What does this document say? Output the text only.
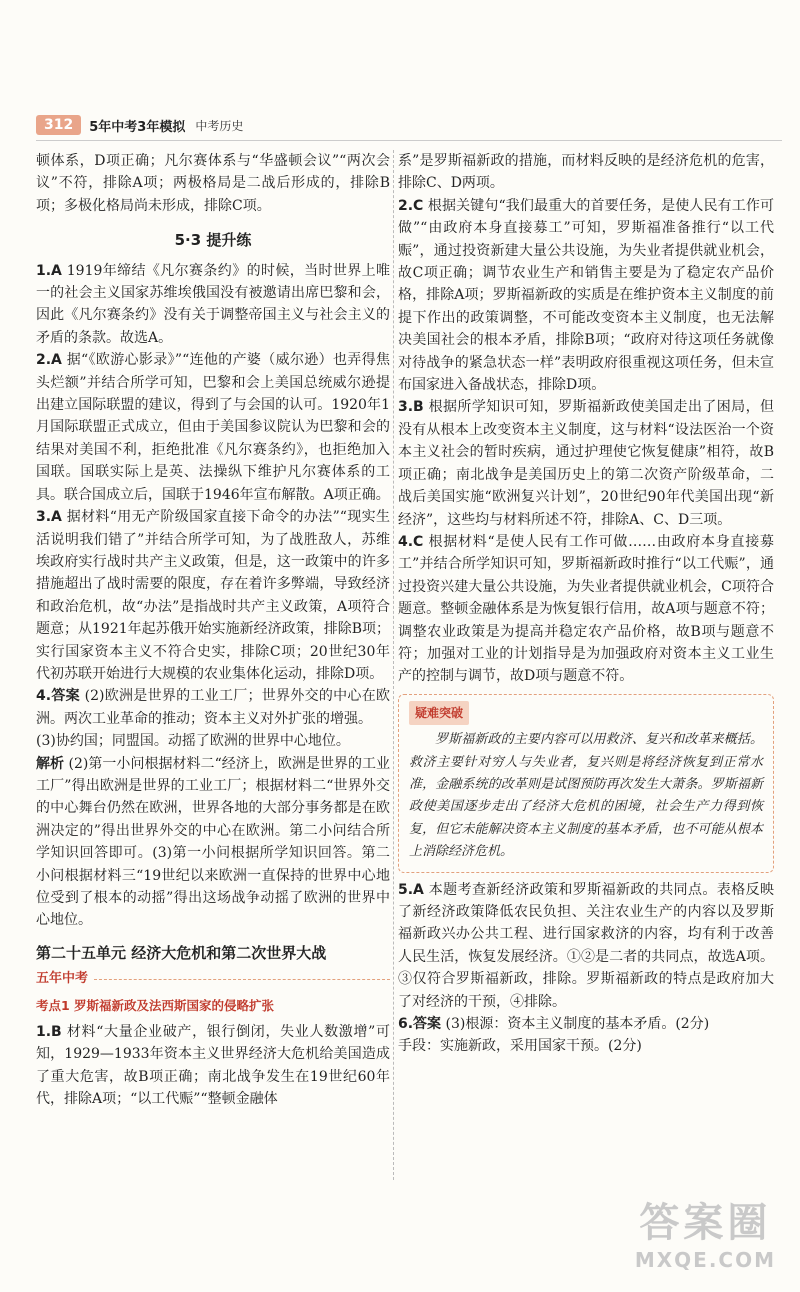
312	5年中考3年模拟 中考历史

顿体系，D项正确；凡尔赛体系与“华盛顿会议”“两次会议”不符，排除A项；两极格局是二战后形成的，排除B项；多极化格局尚未形成，排除C项。

5·3 提升练

1.A 1919年缔结《凡尔赛条约》的时候，当时世界上唯一的社会主义国家苏维埃俄国没有被邀请出席巴黎和会，因此《凡尔赛条约》没有关于调整帝国主义与社会主义的矛盾的条款。故选A。

2.A 据“《欧游心影录》”“连他的产婆（威尔逊）也弄得焦头烂额”并结合所学可知，巴黎和会上美国总统威尔逊提出建立国际联盟的建议，得到了与会国的认可。1920年1月国际联盟正式成立，但由于美国参议院认为巴黎和会的结果对美国不利，拒绝批准《凡尔赛条约》，也拒绝加入国联。国联实际上是英、法操纵下维护凡尔赛体系的工具。联合国成立后，国联于1946年宣布解散。A项正确。

3.A 据材料“用无产阶级国家直接下命令的办法”“现实生活说明我们错了”并结合所学可知，为了战胜敌人，苏维埃政府实行战时共产主义政策，但是，这一政策中的许多措施超出了战时需要的限度，存在着许多弊端，导致经济和政治危机，故“办法”是指战时共产主义政策，A项符合题意；从1921年起苏俄开始实施新经济政策，排除B项；实行国家资本主义不符合史实，排除C项；20世纪30年代初苏联开始进行大规模的农业集体化运动，排除D项。

4.答案 (2)欧洲是世界的工业工厂；世界外交的中心在欧洲。两次工业革命的推动；资本主义对外扩张的增强。

(3)协约国；同盟国。动摇了欧洲的世界中心地位。

解析 (2)第一小问根据材料二“经济上，欧洲是世界的工业工厂”得出欧洲是世界的工业工厂；根据材料二“世界外交的中心舞台仍然在欧洲，世界各地的大部分事务都是在欧洲决定的”得出世界外交的中心在欧洲。第二小问结合所学知识回答即可。(3)第一小问根据所学知识回答。第二小问根据材料三“19世纪以来欧洲一直保持的世界中心地位受到了根本的动摇”得出这场战争动摇了欧洲的世界中心地位。

第二十五单元 经济大危机和第二次世界大战
五年中考
考点1 罗斯福新政及法西斯国家的侵略扩张

1.B 材料“大量企业破产，银行倒闭，失业人数激增”可知，1929—1933年资本主义世界经济大危机给美国造成了重大危害，故B项正确；南北战争发生在19世纪60年代，排除A项；“以工代赈”“整顿金融体

系”是罗斯福新政的措施，而材料反映的是经济危机的危害，排除C、D两项。

2.C 根据关键句“我们最重大的首要任务，是使人民有工作可做”“由政府本身直接募工”可知，罗斯福准备推行“以工代赈”，通过投资新建大量公共设施，为失业者提供就业机会，故C项正确；调节农业生产和销售主要是为了稳定农产品价格，排除A项；罗斯福新政的实质是在维护资本主义制度的前提下作出的政策调整，不可能改变资本主义制度，也无法解决美国社会的根本矛盾，排除B项；“政府对待这项任务就像对待战争的紧急状态一样”表明政府很重视这项任务，但未宣布国家进入备战状态，排除D项。

3.B 根据所学知识可知，罗斯福新政使美国走出了困局，但没有从根本上改变资本主义制度，这与材料“设法医治一个资本主义社会的暂时疾病，通过护理使它恢复健康”相符，故B项正确；南北战争是美国历史上的第二次资产阶级革命，二战后美国实施“欧洲复兴计划”，20世纪90年代美国出现“新经济”，这些均与材料所述不符，排除A、C、D三项。

4.C 根据材料“是使人民有工作可做……由政府本身直接募工”并结合所学知识可知，罗斯福新政时推行“以工代赈”，通过投资兴建大量公共设施，为失业者提供就业机会，C项符合题意。整顿金融体系是为恢复银行信用，故A项与题意不符；调整农业政策是为提高并稳定农产品价格，故B项与题意不符；加强对工业的计划指导是为加强政府对资本主义工业生产的控制与调节，故D项与题意不符。

疑难突破

罗斯福新政的主要内容可以用救济、复兴和改革来概括。救济主要针对穷人与失业者，复兴则是将经济恢复到正常水准，金融系统的改革则是试图预防再次发生大萧条。罗斯福新政使美国逐步走出了经济大危机的困境，社会生产力得到恢复，但它未能解决资本主义制度的基本矛盾，也不可能从根本上消除经济危机。

5.A 本题考查新经济政策和罗斯福新政的共同点。表格反映了新经济政策降低农民负担、关注农业生产的内容以及罗斯福新政兴办公共工程、进行国家救济的内容，均有利于改善人民生活，恢复发展经济。①②是二者的共同点，故选A项。③仅符合罗斯福新政，排除。罗斯福新政的特点是政府加大了对经济的干预，④排除。

6.答案 (3)根源：资本主义制度的基本矛盾。(2分)

手段：实施新政，采用国家干预。(2分)

答案圈
MXQE.COM
